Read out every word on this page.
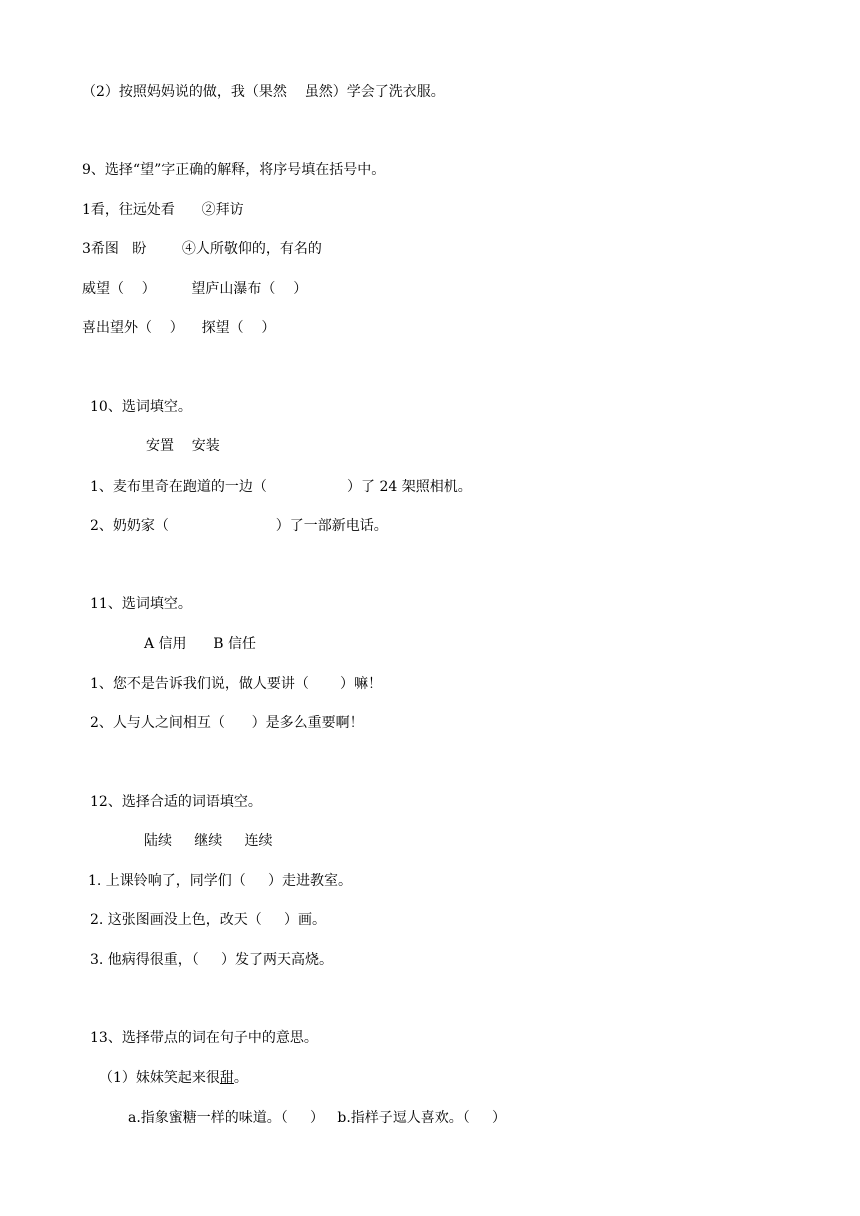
（2）按照妈妈说的做，我（果然    虽然）学会了洗衣服。
9、选择“望”字正确的解释，将序号填在括号中。
1看，往远处看      ②拜访
3希图   盼        ④人所敬仰的，有名的
威望（    ）        望庐山瀑布（    ）
喜出望外（    ）    探望（    ）
10、选词填空。
安置    安装
1、麦布里奇在跑道的一边（                  ）了 24 架照相机。
2、奶奶家（                        ）了一部新电话。
11、选词填空。
A 信用      B 信任
1、您不是告诉我们说，做人要讲（       ）嘛！
2、人与人之间相互（      ）是多么重要啊！
12、选择合适的词语填空。
陆续     继续     连续
1. 上课铃响了，同学们（     ）走进教室。
2. 这张图画没上色，改天（     ）画。
3. 他病得很重，（     ）发了两天高烧。
13、选择带点的词在句子中的意思。
（1）妹妹笑起来很甜。
a.指象蜜糖一样的味道。（     ）   b.指样子逗人喜欢。（     ）
